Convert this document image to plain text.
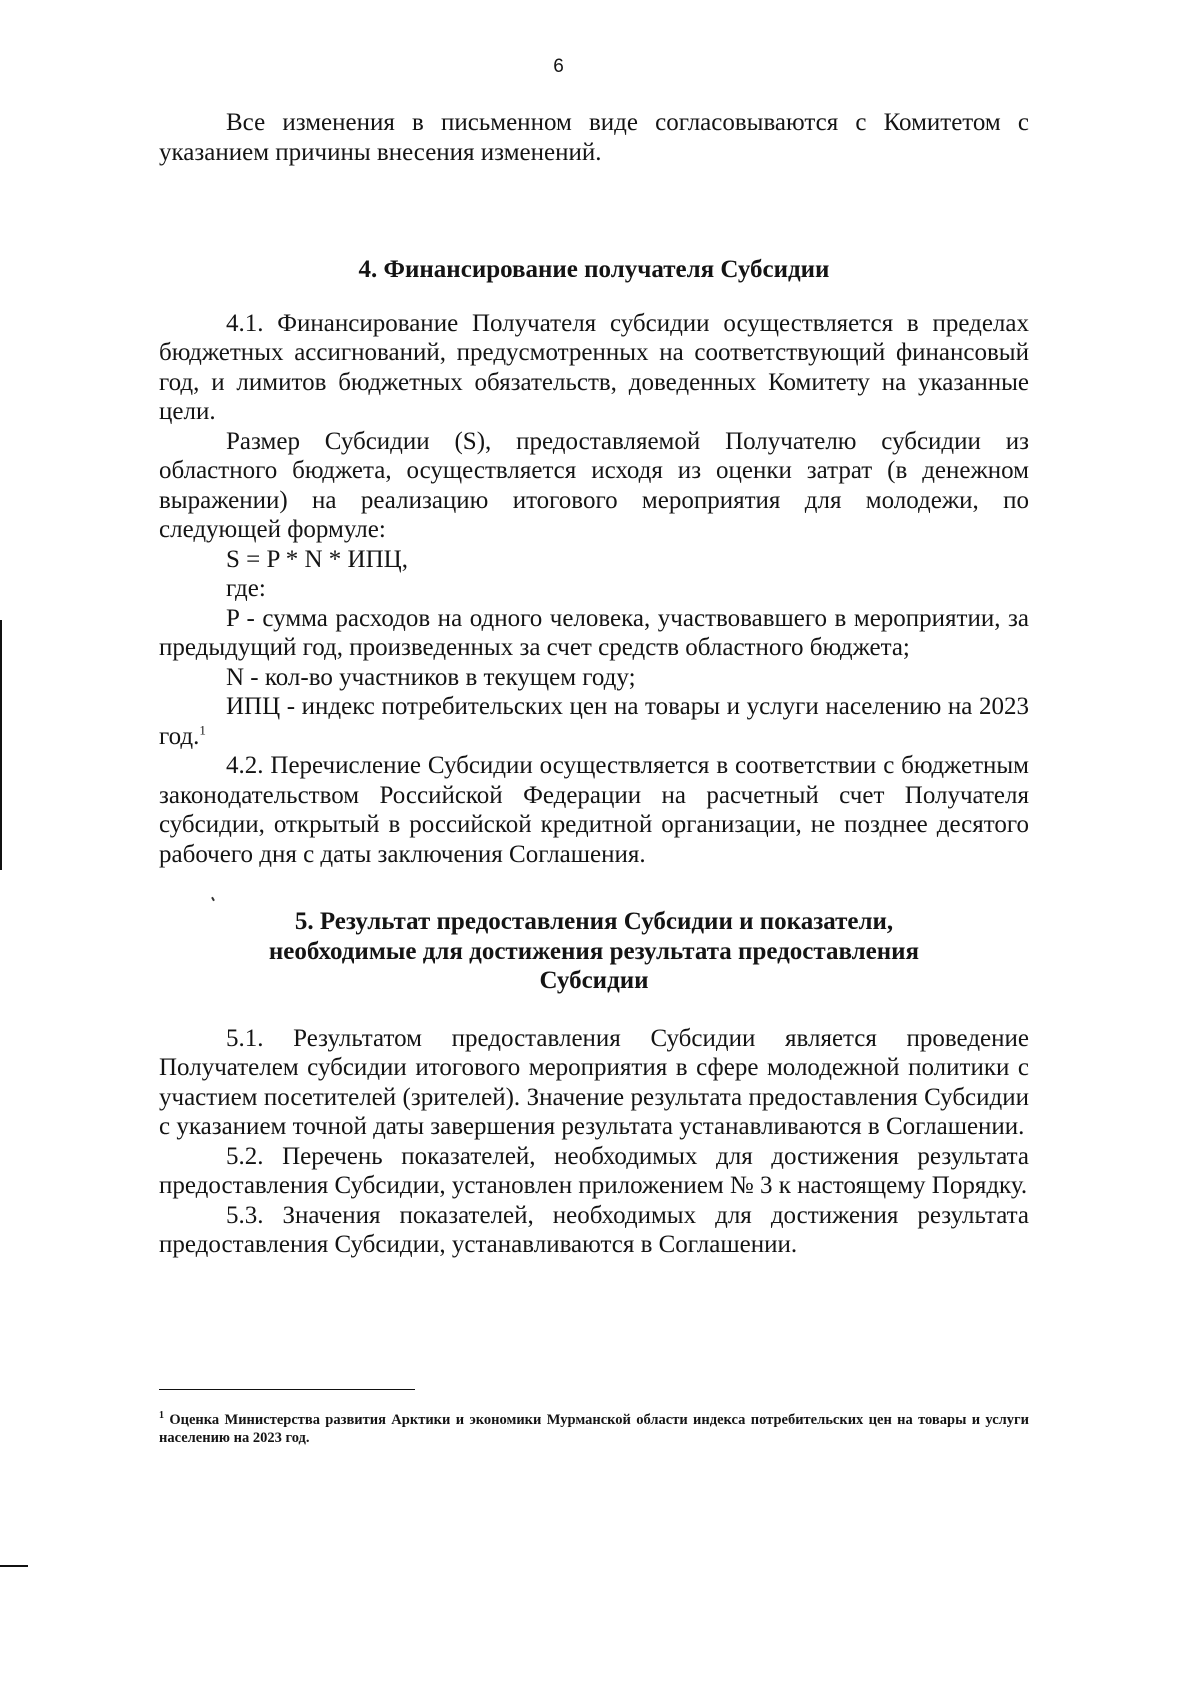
6

Все изменения в письменном виде согласовываются с Комитетом с указанием причины внесения изменений.

4. Финансирование получателя Субсидии

4.1. Финансирование Получателя субсидии осуществляется в пределах бюджетных ассигнований, предусмотренных на соответствующий финансовый год, и лимитов бюджетных обязательств, доведенных Комитету на указанные цели.

Размер Субсидии (S), предоставляемой Получателю субсидии из областного бюджета, осуществляется исходя из оценки затрат (в денежном выражении) на реализацию итогового мероприятия для молодежи, по следующей формуле:

S = P * N * ИПЦ,

где:

P - сумма расходов на одного человека, участвовавшего в мероприятии, за предыдущий год, произведенных за счет средств областного бюджета;

N - кол-во участников в текущем году;

ИПЦ - индекс потребительских цен на товары и услуги населению на 2023 год.$^1$

4.2. Перечисление Субсидии осуществляется в соответствии с бюджетным законодательством Российской Федерации на расчетный счет Получателя субсидии, открытый в российской кредитной организации, не позднее десятого рабочего дня с даты заключения Соглашения.

5. Результат предоставления Субсидии и показатели,
необходимые для достижения результата предоставления
Субсидии

5.1. Результатом предоставления Субсидии является проведение Получателем субсидии итогового мероприятия в сфере молодежной политики с участием посетителей (зрителей). Значение результата предоставления Субсидии с указанием точной даты завершения результата устанавливаются в Соглашении.

5.2. Перечень показателей, необходимых для достижения результата предоставления Субсидии, установлен приложением № 3 к настоящему Порядку.

5.3. Значения показателей, необходимых для достижения результата предоставления Субсидии, устанавливаются в Соглашении.

$^1$ Оценка Министерства развития Арктики и экономики Мурманской области индекса потребительских цен на товары и услуги населению на 2023 год.
